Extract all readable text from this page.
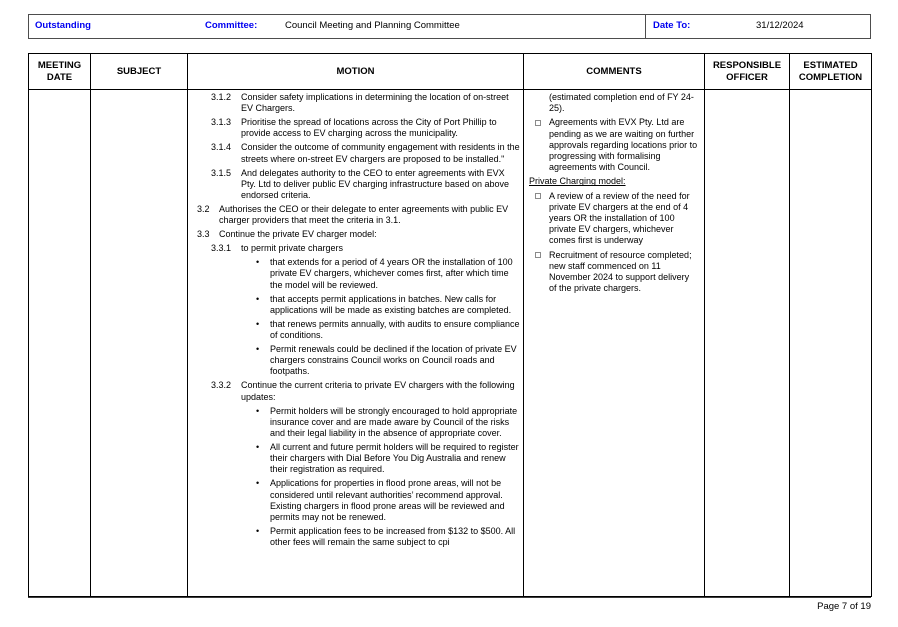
Outstanding	Committee:	Council Meeting and Planning Committee	Date To:	31/12/2024
MEETING DATE	SUBJECT	MOTION	COMMENTS	RESPONSIBLE OFFICER	ESTIMATED COMPLETION

3.1.2 Consider safety implications in determining the location of on-street EV Chargers.
3.1.3 Prioritise the spread of locations across the City of Port Phillip to provide access to EV charging across the municipality.
3.1.4 Consider the outcome of community engagement with residents in the streets where on-street EV chargers are proposed to be installed."
3.1.5 And delegates authority to the CEO to enter agreements with EVX Pty. Ltd to deliver public EV charging infrastructure based on above endorsed criteria.
3.2 Authorises the CEO or their delegate to enter agreements with public EV charger providers that meet the criteria in 3.1.
3.3 Continue the private EV charger model:
3.3.1 to permit private chargers
• that extends for a period of 4 years OR the installation of 100 private EV chargers, whichever comes first, after which time the model will be reviewed.
• that accepts permit applications in batches. New calls for applications will be made as existing batches are completed.
• that renews permits annually, with audits to ensure compliance of conditions.
• Permit renewals could be declined if the location of private EV chargers constrains Council works on Council roads and footpaths.
3.3.2 Continue the current criteria to private EV chargers with the following updates:
• Permit holders will be strongly encouraged to hold appropriate insurance cover and are made aware by Council of the risks and their legal liability in the absence of appropriate cover.
• All current and future permit holders will be required to register their chargers with Dial Before You Dig Australia and renew their registration as required.
• Applications for properties in flood prone areas, will not be considered until relevant authorities’ recommend approval. Existing chargers in flood prone areas will be reviewed and permits may not be renewed.
• Permit application fees to be increased from $132 to $500. All other fees will remain the same subject to cpi

(estimated completion end of FY 24-25).
Agreements with EVX Pty. Ltd are pending as we are waiting on further approvals regarding locations prior to progressing with formalising agreements with Council.
Private Charging model:
A review of a review of the need for private EV chargers at the end of 4 years OR the installation of 100 private EV chargers, whichever comes first is underway
Recruitment of resource completed; new staff commenced on 11 November 2024 to support delivery of the private chargers.

Page 7 of 19
